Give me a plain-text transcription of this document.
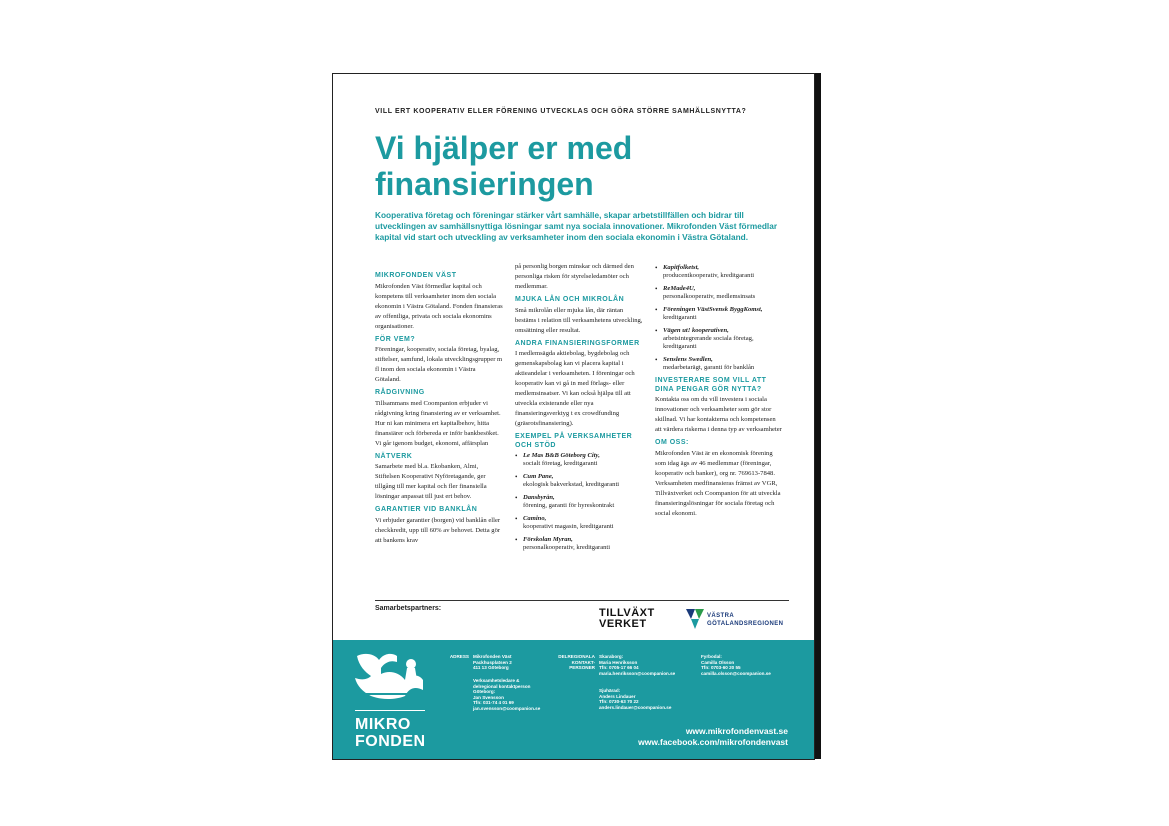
VILL ERT KOOPERATIV ELLER FÖRENING UTVECKLAS OCH GÖRA STÖRRE SAMHÄLLSNYTTA?
Vi hjälper er med
finansieringen
Kooperativa företag och föreningar stärker vårt samhälle, skapar arbetstillfällen och bidrar till utvecklingen av samhällsnyttiga lösningar samt nya sociala innovationer. Mikrofonden Väst förmedlar kapital vid start och utveckling av verksamheter inom den sociala ekonomin i Västra Götaland.
MIKROFONDEN VÄST

Mikrofonden Väst förmedlar kapital och kompetens till verksamheter inom den sociala ekonomin i Västra Götaland. Fonden finansieras av offentliga, privata och sociala ekonomins organisationer.

FÖR VEM?

Föreningar, kooperativ, sociala företag, byalag, stiftelser, samfund, lokala utvecklingsgrupper m fl inom den sociala ekonomin i Västra Götaland.

RÅDGIVNING

Tillsammans med Coompanion erbjuder vi rådgivning kring finansiering av er verksamhet. Hur ni kan minimera ert kapitalbehov, hitta finansiärer och förbereda er inför bankbesöket. Vi går igenom budget, ekonomi, affärsplan

NÄTVERK

Samarbete med bl.a. Ekobanken, Almi, Stiftelsen Kooperativt Nyföretagande, ger tillgång till mer kapital och fler finansiella lösningar anpassat till just ert behov.

GARANTIER VID BANKLÅN

Vi erbjuder garantier (borgen) vid banklån eller checkkredit, upp till 60% av behovet. Detta gör att bankens krav

på personlig borgen minskar och därmed den personliga risken för styrelseledamöter och medlemmar.

MJUKA LÅN OCH MIKROLÅN

Små mikrolån eller mjuka lån, där räntan bestäms i relation till verksamhetens utveckling, omsättning eller resultat.

ANDRA FINANSIERINGSFORMER

I medlemsägda aktiebolag, bygdebolag och gemenskapsbolag kan vi placera kapital i aktieandelar i verksamheten. I föreningar och kooperativ kan vi gå in med förlags- eller medlemsinsatser. Vi kan också hjälpa till att utveckla existerande eller nya finansieringsverktyg t ex crowdfunding (gräsrotsfinansiering).

EXEMPEL PÅ VERKSAMHETER OCH STÖD
• Le Mas B&B Göteborg City,
socialt företag, kreditgaranti
• Cum Pane,
ekologisk bakverkstad, kreditgaranti
• Dansbyrån,
förening, garanti för hyreskontrakt
• Camino,
kooperativt magasin, kreditgaranti
• Förskolan Myran,
personalkooperativ, kreditgaranti
• Kapitfolketst,
producentkooperativ, kreditgaranti
• ReMade4U,
personalkooperativ, medlemsinsats
• Föreningen VästSvensk ByggKomst,
kreditgaranti
• Vägen ut! kooperativen,
arbetsintegrerande sociala företag, kreditgaranti
• Senslens Swedlen,
medarbetarägt, garanti för banklån
INVESTERARE SOM VILL ATT DINA PENGAR GÖR NYTTA?

Kontakta oss om du vill investera i sociala innovationer och verksamheter som gör stor skillnad. Vi har kontakterna och kompetensen att värdera riskerna i denna typ av verksamheter

OM OSS:

Mikrofonden Väst är en ekonomisk förening som idag ägs av 46 medlemmar (föreningar, kooperativ och banker), org nr. 769613-7848. Verksamheten medfinansieras främst av VGR, Tillväxtverket och Coompanion för att utveckla finansieringslösningar för sociala företag och social ekonomi.

Samarbetspartners:	TILLVÄXT
VERKET
VÄSTRA
GÖTALANDSREGIONEN
MIKRO
FONDEN
ADRESS Mikrofonden Väst
Packhusplatsen 2
411 13 Göteborg
Verksamhetsledare &
delregional kontaktperson
Göteborg:
Jan Svensson
Tfn: 031-74 4 01 69
jan.svensson@coompanion.se
DELREGIONALA
KONTAKT-
PERSONER
Skaraborg:
Maria Henriksson
Tfn: 0705-17 66 04
maria.henriksson@coompanion.se
Sjuhärad:
Anders Lindauer
Tfn: 0730-63 70 22
anders.lindauer@coompanion.se
Fyrbodal:
Camilla Olsson
Tfn: 0703-60 20 55
camilla.olsson@coompanion.se
www.mikrofondenvast.se
www.facebook.com/mikrofondenvast
